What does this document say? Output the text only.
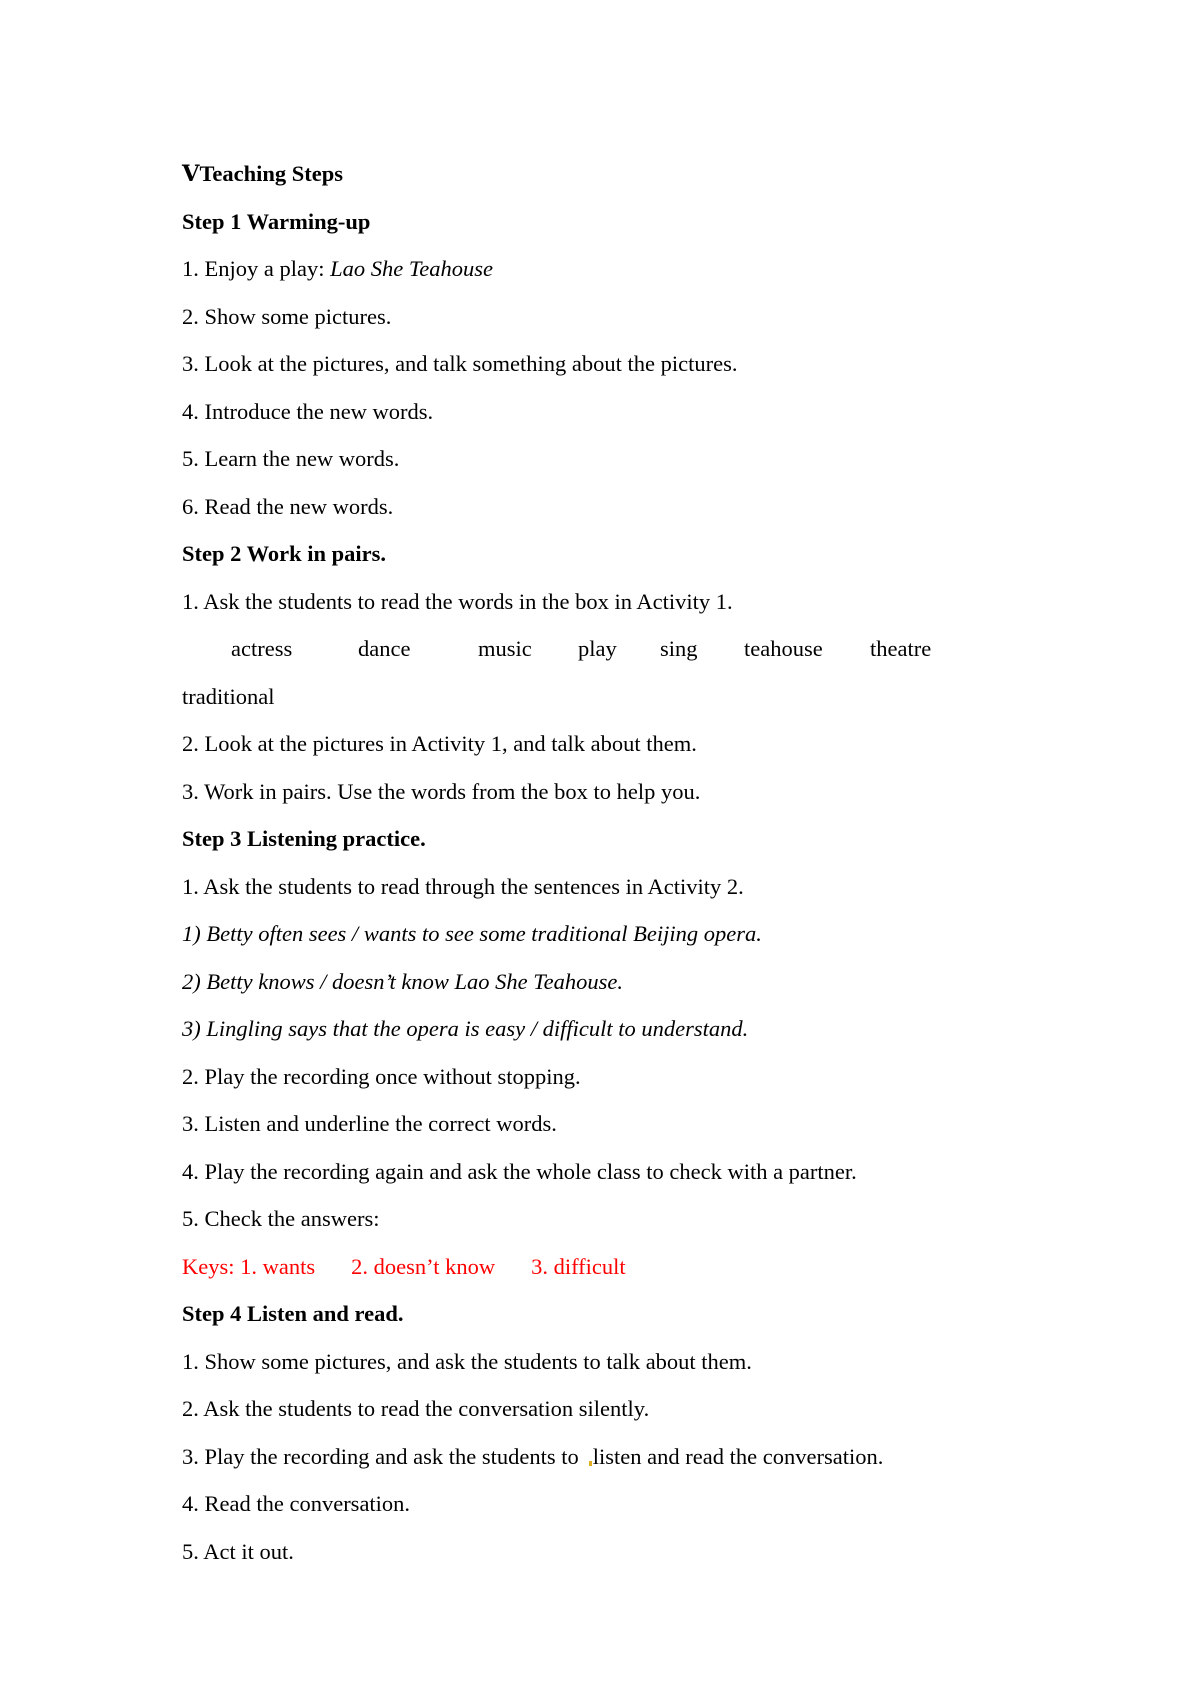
ⅤTeaching Steps
Step 1 Warming-up
1. Enjoy a play: Lao She Teahouse
2. Show some pictures.
3. Look at the pictures, and talk something about the pictures.
4. Introduce the new words.
5. Learn the new words.
6. Read the new words.
Step 2 Work in pairs.
1. Ask the students to read the words in the box in Activity 1.
actress	dance	music play sing teahouse theatre
traditional
2. Look at the pictures in Activity 1, and talk about them.
3. Work in pairs. Use the words from the box to help you.
Step 3 Listening practice.
1. Ask the students to read through the sentences in Activity 2.
1) Betty often sees / wants to see some traditional Beijing opera.
2) Betty knows / doesn’t know Lao She Teahouse.
3) Lingling says that the opera is easy / difficult to understand.
2. Play the recording once without stopping.
3. Listen and underline the correct words.
4. Play the recording again and ask the whole class to check with a partner.
5. Check the answers:
Keys: 1. wants 2. doesn’t know 3. difficult
Step 4 Listen and read.
1. Show some pictures, and ask the students to talk about them.
2. Ask the students to read the conversation silently.
3. Play the recording and ask the students to listen and read the conversation.
4. Read the conversation.
5. Act it out.
